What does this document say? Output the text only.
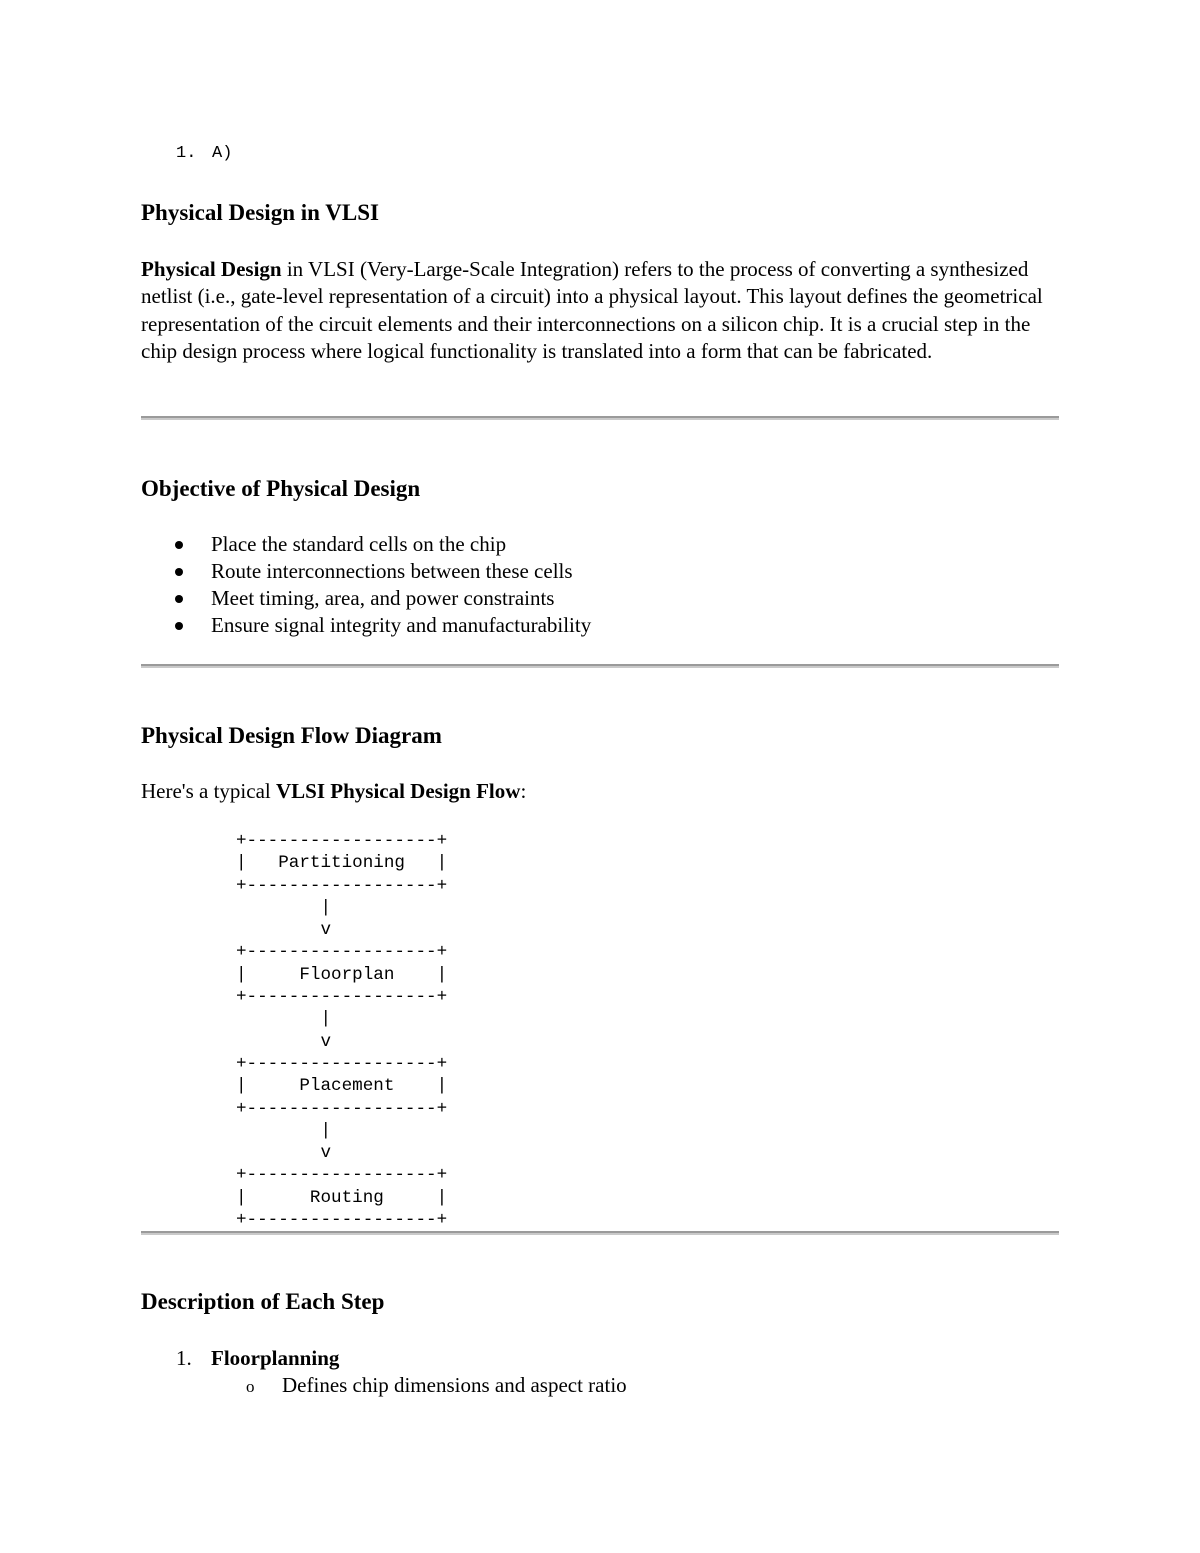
1. A)
Physical Design in VLSI

Physical Design in VLSI (Very-Large-Scale Integration) refers to the process of converting a synthesized netlist (i.e., gate-level representation of a circuit) into a physical layout. This layout defines the geometrical representation of the circuit elements and their interconnections on a silicon chip. It is a crucial step in the chip design process where logical functionality is translated into a form that can be fabricated.

Objective of Physical Design
Place the standard cells on the chip
Route interconnections between these cells
Meet timing, area, and power constraints
Ensure signal integrity and manufacturability
Physical Design Flow Diagram

Here's a typical VLSI Physical Design Flow:

+------------------+
|   Partitioning   |
+------------------+
|
v
+------------------+
|     Floorplan    |
+------------------+
|
v
+------------------+
|     Placement    |
+------------------+
|
v
+------------------+
|      Routing     |
+------------------+

Description of Each Step
1. Floorplanning
o Defines chip dimensions and aspect ratio
